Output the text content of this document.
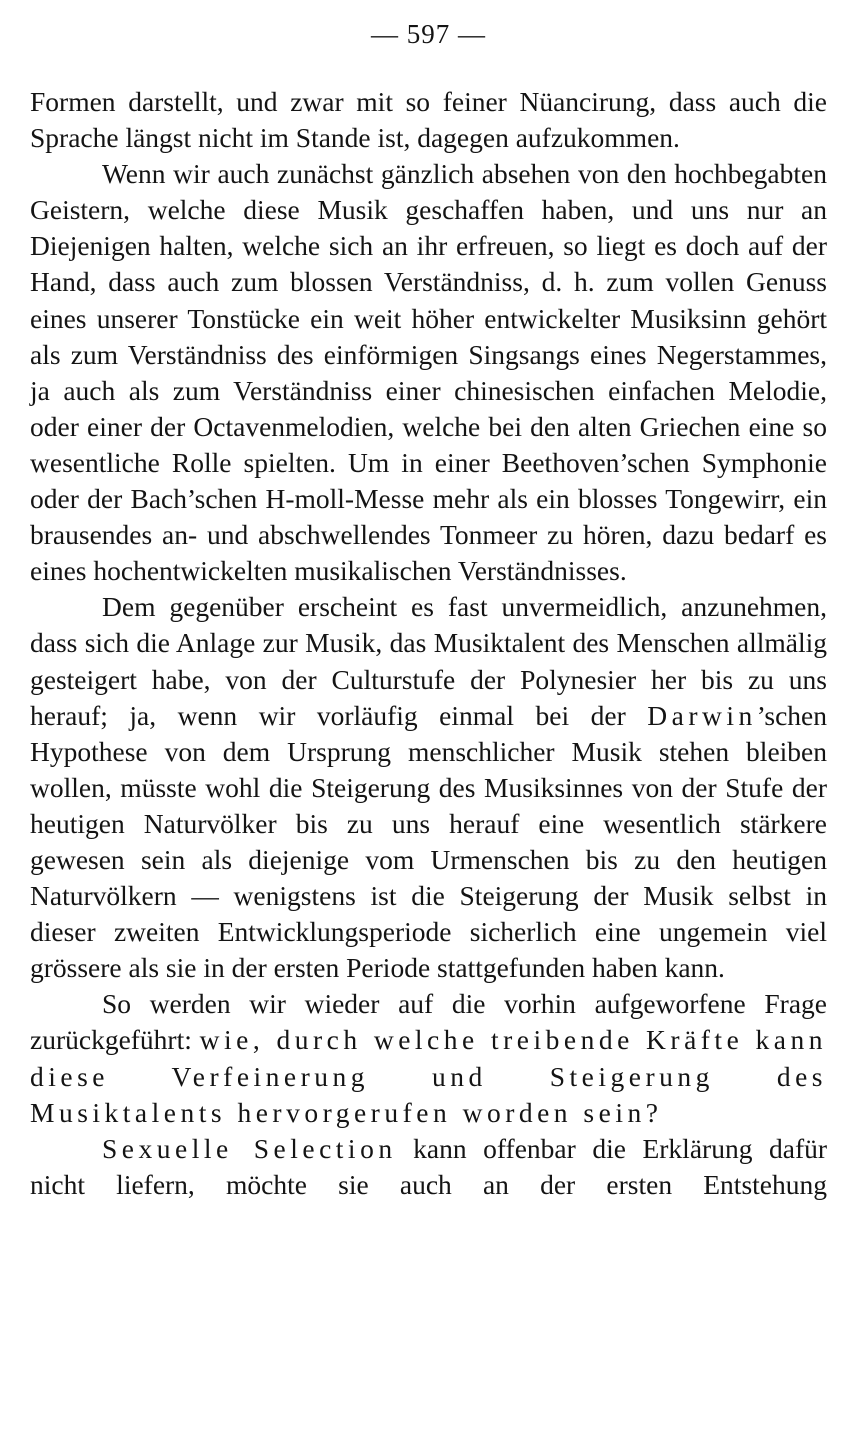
— 597 —

Formen darstellt, und zwar mit so feiner Nüancirung, dass auch die Sprache längst nicht im Stande ist, dagegen aufzukommen.

Wenn wir auch zunächst gänzlich absehen von den hochbegabten Geistern, welche diese Musik geschaffen haben, und uns nur an Diejenigen halten, welche sich an ihr erfreuen, so liegt es doch auf der Hand, dass auch zum blossen Verständniss, d. h. zum vollen Genuss eines unserer Tonstücke ein weit höher entwickelter Musiksinn gehört als zum Verständniss des einförmigen Singsangs eines Negerstammes, ja auch als zum Verständniss einer chinesischen einfachen Melodie, oder einer der Octavenmelodien, welche bei den alten Griechen eine so wesentliche Rolle spielten. Um in einer Beethoven’schen Symphonie oder der Bach’schen H-moll-Messe mehr als ein blosses Tongewirr, ein brausendes an- und abschwellendes Tonmeer zu hören, dazu bedarf es eines hochentwickelten musikalischen Verständnisses.

Dem gegenüber erscheint es fast unvermeidlich, anzunehmen, dass sich die Anlage zur Musik, das Musiktalent des Menschen allmälig gesteigert habe, von der Culturstufe der Polynesier her bis zu uns herauf; ja, wenn wir vorläufig einmal bei der Darwin’schen Hypothese von dem Ursprung menschlicher Musik stehen bleiben wollen, müsste wohl die Steigerung des Musiksinnes von der Stufe der heutigen Naturvölker bis zu uns herauf eine wesentlich stärkere gewesen sein als diejenige vom Urmenschen bis zu den heutigen Naturvölkern — wenigstens ist die Steigerung der Musik selbst in dieser zweiten Entwicklungsperiode sicherlich eine ungemein viel grössere als sie in der ersten Periode stattgefunden haben kann.

So werden wir wieder auf die vorhin aufgeworfene Frage zurückgeführt: wie, durch welche treibende Kräfte kann diese Verfeinerung und Steigerung des Musiktalents hervorgerufen worden sein?

Sexuelle Selection kann offenbar die Erklärung dafür nicht liefern, möchte sie auch an der ersten Entstehung
